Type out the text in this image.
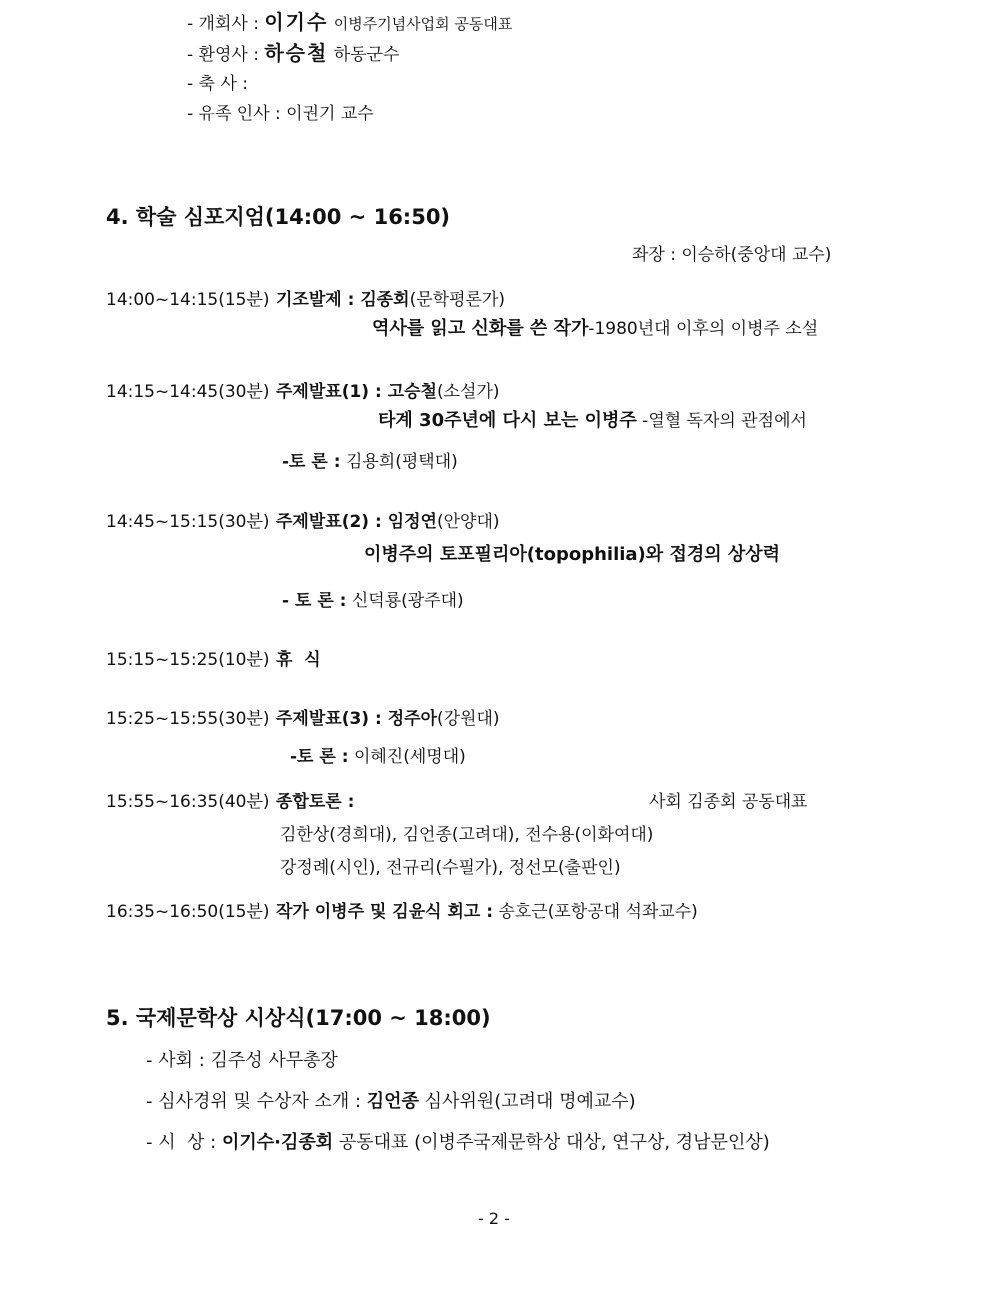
- 개회사 : 이기수 이병주기념사업회 공동대표
- 환영사 : 하승철 하동군수
- 축 사 :
- 유족 인사 : 이권기 교수
4. 학술 심포지엄(14:00 ~ 16:50)
좌장 : 이승하(중앙대 교수)
14:00~14:15(15분) 기조발제 : 김종회(문학평론가)
역사를 읽고 신화를 쓴 작가-1980년대 이후의 이병주 소설
14:15~14:45(30분) 주제발표(1) : 고승철(소설가)
타계 30주년에 다시 보는 이병주 -열혈 독자의 관점에서
-토 론 : 김용희(평택대)
14:45~15:15(30분) 주제발표(2) : 임정연(안양대)
이병주의 토포필리아(topophilia)와 접경의 상상력
- 토 론 : 신덕룡(광주대)
15:15~15:25(10분) 휴  식
15:25~15:55(30분) 주제발표(3) : 정주아(강원대)
-토 론 : 이혜진(세명대)
15:55~16:35(40분) 종합토론 :	사회 김종회 공동대표
김한상(경희대), 김언종(고려대), 전수용(이화여대)
강정례(시인), 전규리(수필가), 정선모(출판인)
16:35~16:50(15분) 작가 이병주 및 김윤식 회고 : 송호근(포항공대 석좌교수)
5. 국제문학상 시상식(17:00 ~ 18:00)
- 사회 : 김주성 사무총장
- 심사경위 및 수상자 소개 : 김언종 심사위원(고려대 명예교수)
- 시  상 : 이기수·김종회 공동대표 (이병주국제문학상 대상, 연구상, 경남문인상)
- 2 -
